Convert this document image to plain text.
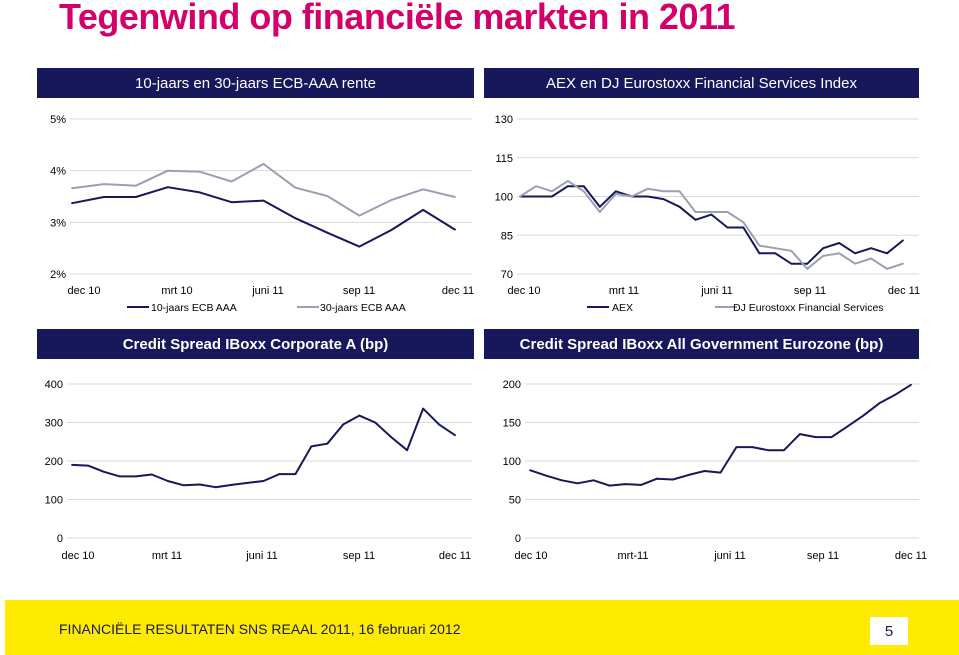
Tegenwind op financiële markten in 2011
10-jaars en 30-jaars ECB-AAA rente	AEX en DJ Eurostoxx Financial Services Index
Credit Spread IBoxx Corporate A (bp)	Credit Spread IBoxx All Government Eurozone (bp)
2%
3%
4%
5%
dec 10	mrt 10	juni 11	sep 11	dec 11
10-jaars ECB AAA	30-jaars ECB AAA
70
85
100
115
130
dec 10	mrt 11	juni 11	sep 11	dec 11
AEX	DJ Eurostoxx Financial Services
0
100
200
300
400
dec 10	mrt 11	juni 11	sep 11	dec 11
0
50
100
150
200
dec 10	mrt-11	juni 11	sep 11	dec 11
FINANCIËLE RESULTATEN SNS REAAL 2011, 16 februari 2012	5
